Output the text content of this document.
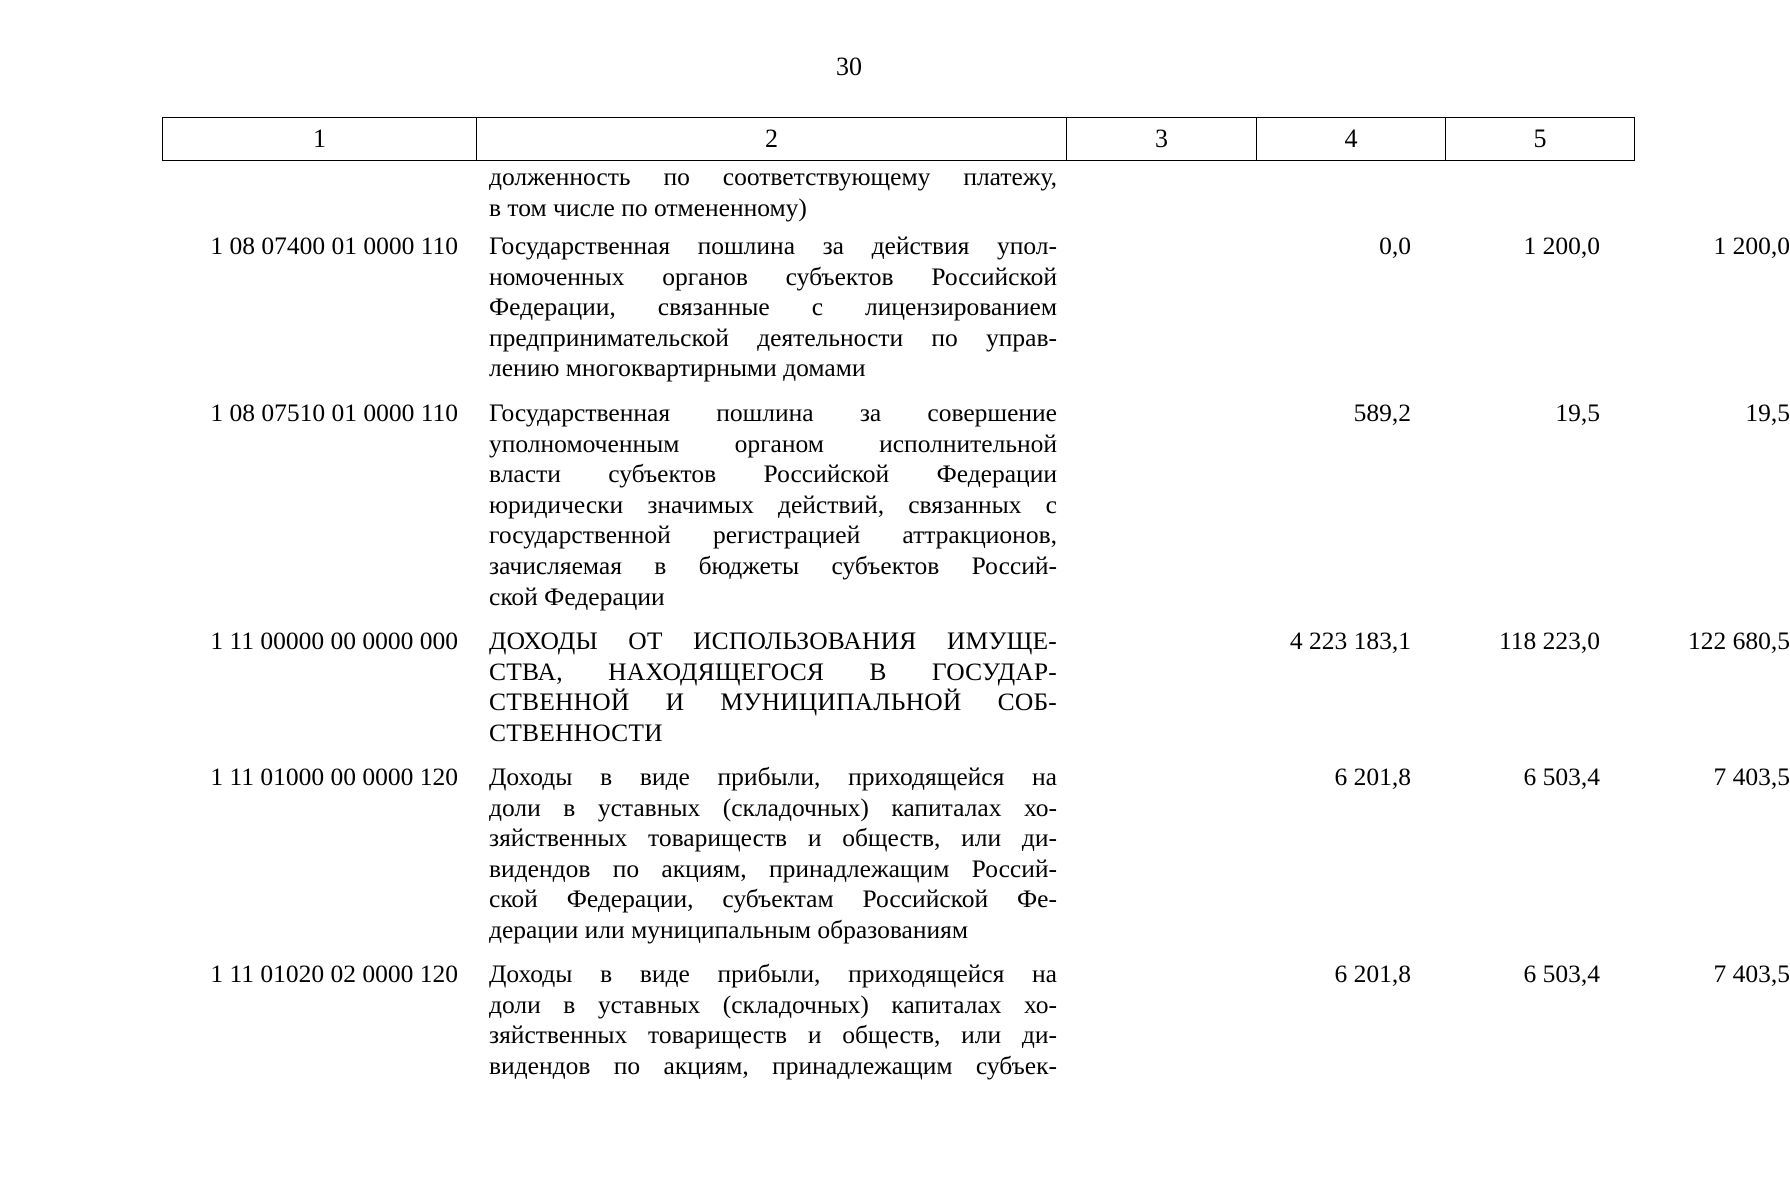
30
1	2	3	4	5
долженность по соответствующему платежу,
в том числе по отмененному)
1 08 07400 01 0000 110 Государственная пошлина за действия упол-
номоченных органов субъектов Российской
Федерации, связанные с лицензированием
предпринимательской деятельности по управ-
лению многоквартирными домами
0,0	1 200,0	1 200,0
1 08 07510 01 0000 110 Государственная пошлина за совершение
уполномоченным органом исполнительной
власти субъектов Российской Федерации
юридически значимых действий, связанных с
государственной регистрацией аттракционов,
зачисляемая в бюджеты субъектов Россий-
ской Федерации
589,2	19,5	19,5
1 11 00000 00 0000 000 ДОХОДЫ ОТ ИСПОЛЬЗОВАНИЯ ИМУЩЕ-
СТВА, НАХОДЯЩЕГОСЯ В ГОСУДАР-
СТВЕННОЙ И МУНИЦИПАЛЬНОЙ СОБ-
СТВЕННОСТИ
4 223 183,1	118 223,0	122 680,5
1 11 01000 00 0000 120 Доходы в виде прибыли, приходящейся на
доли в уставных (складочных) капиталах хо-
зяйственных товариществ и обществ, или ди-
видендов по акциям, принадлежащим Россий-
ской Федерации, субъектам Российской Фе-
дерации или муниципальным образованиям
6 201,8	6 503,4	7 403,5
1 11 01020 02 0000 120 Доходы в виде прибыли, приходящейся на
доли в уставных (складочных) капиталах хо-
зяйственных товариществ и обществ, или ди-
видендов по акциям, принадлежащим субъек-
6 201,8	6 503,4	7 403,5
